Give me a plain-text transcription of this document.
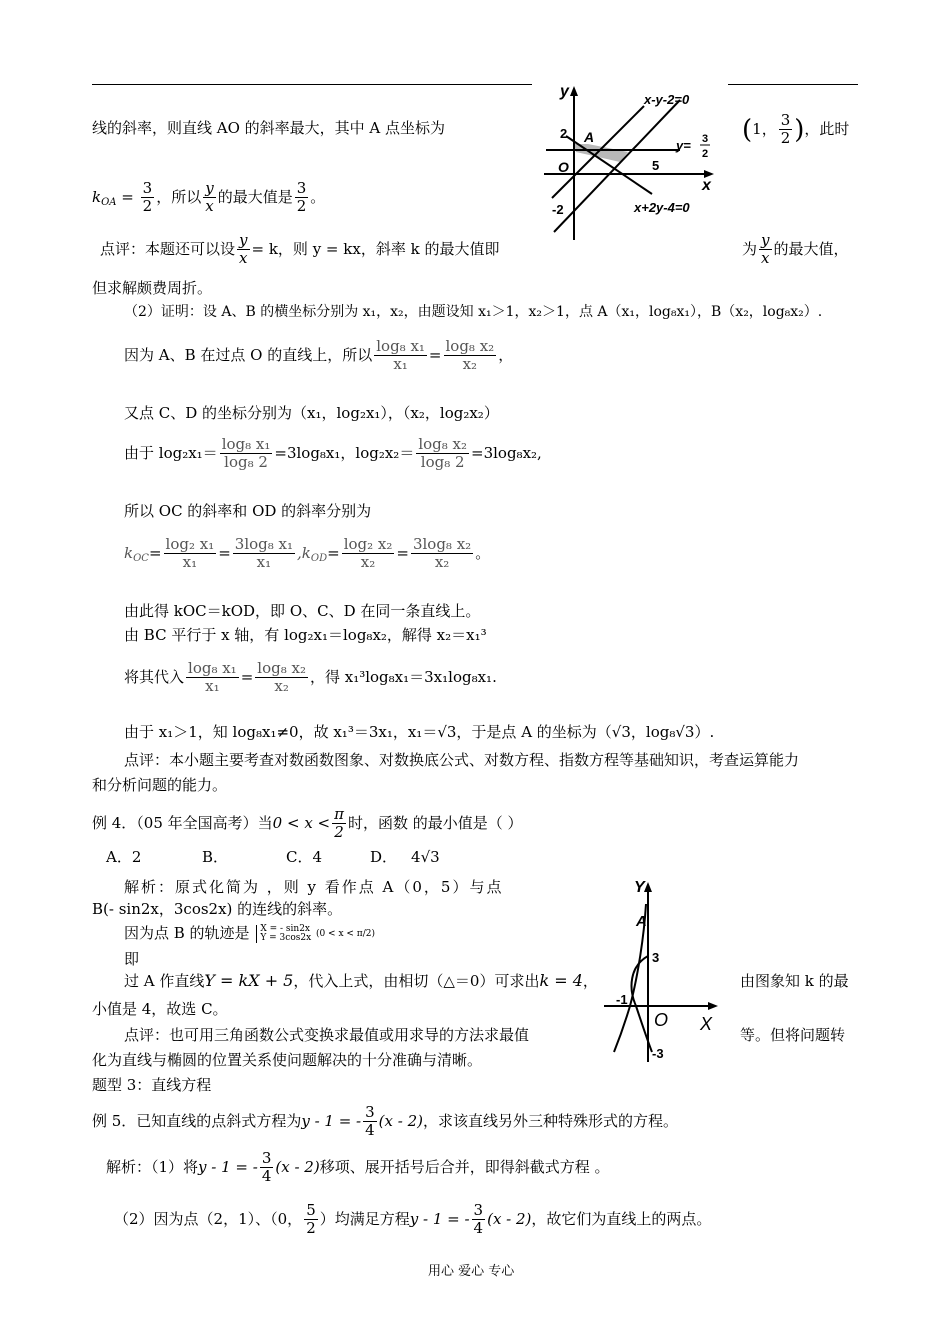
线的斜率，则直线 AO 的斜率最大，其中 A 点坐标为	(1， $\frac{3}{2}$ )，此时
$k_{OA} = \frac{3}{2}$ ，所以 $\frac{y}{x}$ 的最大值是 $\frac{3}{2}$ 。
点评：本题还可以设 $\frac{y}{x} = k$，则 y = kx，斜率 k 的最大值即	为 $\frac{y}{x}$ 的最大值，
但求解颇费周折。
y
x
x-y-2=0
y= 3
2
x+2y-4=0
2
-2
5
O
A
（2）证明：设 A、B 的横坐标分别为 x₁，x₂，由题设知 x₁＞1，x₂＞1，点 A（x₁，log₈x₁），B（x₂，log₈x₂）.
因为 A、B 在过点 O 的直线上，所以 $\frac{\text{log₈ x₁}}{\text{x₁}} = \frac{\text{log₈ x₂}}{\text{x₂}}$ ，
又点 C、D 的坐标分别为（x₁，log₂x₁），（x₂，log₂x₂）
由于 $\log_2x_1= \frac{\text{log₈ x₁}}{\text{log₈ 2}} =3\log_8x_1$，$\log_2x_2= \frac{\text{log₈ x₂}}{\text{log₈ 2}} =3\log_8x_2$,
所以 OC 的斜率和 OD 的斜率分别为
$k_{OC}= \frac{\text{log₂ x₁}}{\text{x₁}} = \frac{\text{3log₈ x₁}}{\text{x₁}} ,k_{OD}= \frac{\text{log₂ x₂}}{\text{x₂}} = \frac{\text{3log₈ x₂}}{\text{x₂}}$ 。
由此得 kOC＝kOD，即 O、C、D 在同一条直线上。
由 BC 平行于 x 轴，有 log₂x₁＝log₈x₂，解得 x₂＝x₁³
将其代入 $\frac{\text{log₈ x₁}}{\text{x₁}} = \frac{\text{log₈ x₂}}{\text{x₂}}$ ，得 x₁³log₈x₁＝3x₁log₈x₁.
由于 x₁＞1，知 log₈x₁≠0，故 x₁³＝3x₁，x₁＝√3，于是点 A 的坐标为（√3，log₈√3）.
点评：本小题主要考查对数函数图象、对数换底公式、对数方程、指数方程等基础知识，考查运算能力
和分析问题的能力。
例 4．（05 年全国高考）当$0 < x < \frac{\pi}{2}$ 时，函数 的最小值是（ ）
A．2	B．	C．4	D． 4√3
解析：原式化简为 ，则 y 看作点 A（0，5）与点
B(- sin2x，3cos2x) 的连线的斜率。
因为点 B 的轨迹是 X = - sin2x
Y = 3cos2x (0 < x < π/2)
即
过 A 作直线Y = kX + 5，代入上式，由相切（△＝0）可求出k = 4，	由图象知 k 的最
小值是 4，故选 C。
点评：也可用三角函数公式变换求最值或用求导的方法求最值	等。但将问题转
化为直线与椭圆的位置关系使问题解决的十分准确与清晰。
Y
X
O
A
3
-3
-1
题型 3：直线方程
例 5．已知直线的点斜式方程为y - 1 = - $\frac{3}{4} (x - 2)$，求该直线另外三种特殊形式的方程。
解析：（1）将y - 1 = - $\frac{3}{4} (x - 2)$移项、展开括号后合并，即得斜截式方程 。
（2）因为点（2，1）、（0， $\frac{5}{2}$ ）均满足方程y - 1 = - $\frac{3}{4} (x - 2)$，故它们为直线上的两点。
用心 爱心 专心
